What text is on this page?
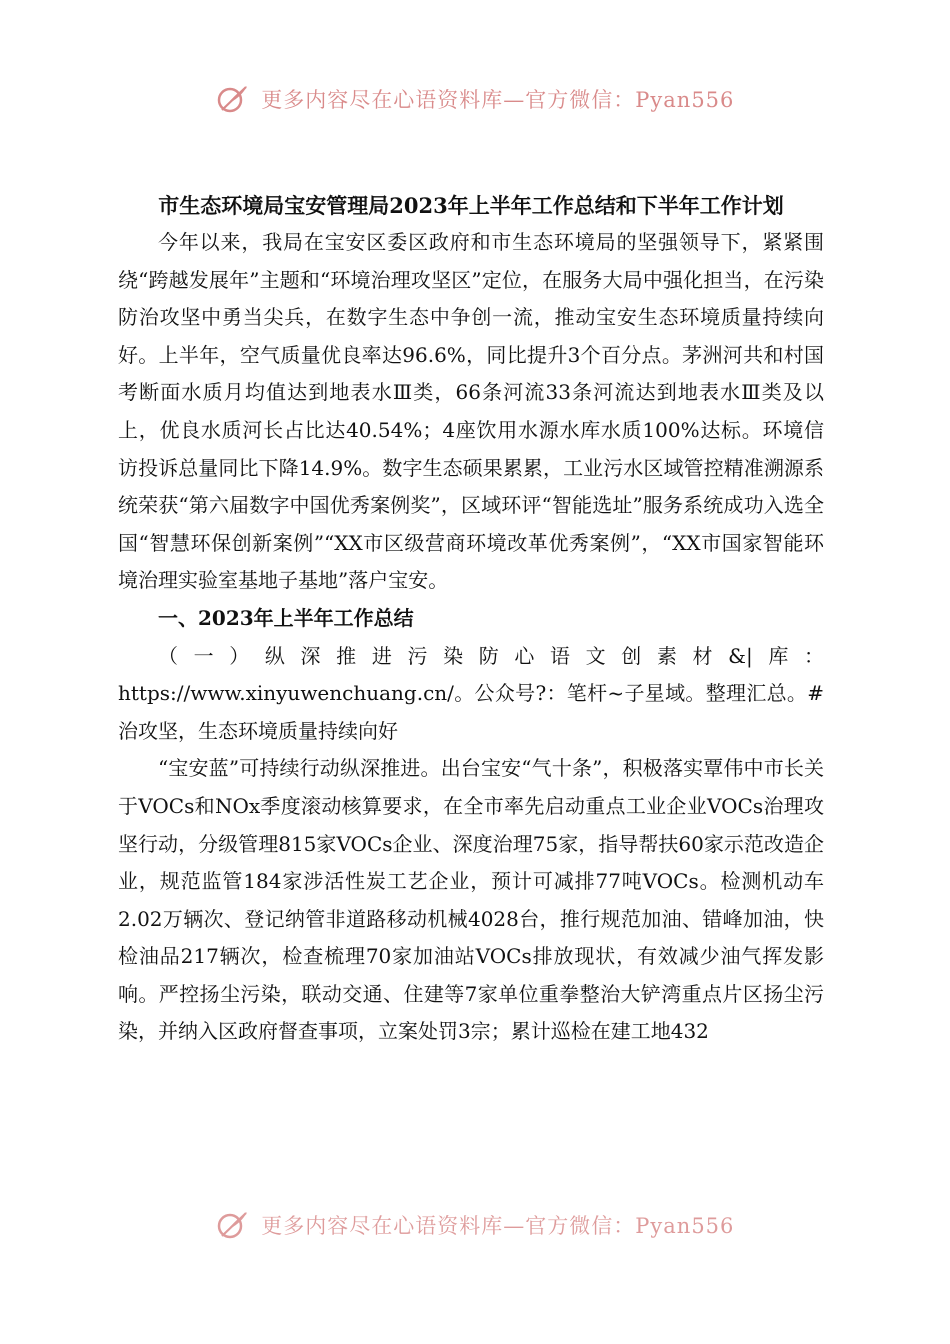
更多内容尽在心语资料库—官方微信：Pyan556
市生态环境局宝安管理局2023年上半年工作总结和下半年工作计划

今年以来，我局在宝安区委区政府和市生态环境局的坚强领导下，紧紧围绕“跨越发展年”主题和“环境治理攻坚区”定位，在服务大局中强化担当，在污染防治攻坚中勇当尖兵，在数字生态中争创一流，推动宝安生态环境质量持续向好。上半年，空气质量优良率达96.6%，同比提升3个百分点。茅洲河共和村国考断面水质月均值达到地表水Ⅲ类，66条河流33条河流达到地表水Ⅲ类及以上，优良水质河长占比达40.54%；4座饮用水源水库水质100%达标。环境信访投诉总量同比下降14.9%。数字生态硕果累累，工业污水区域管控精准溯源系统荣获“第六届数字中国优秀案例奖”，区域环评“智能选址”服务系统成功入选全国“智慧环保创新案例”“XX市区级营商环境改革优秀案例”，“XX市国家智能环境治理实验室基地子基地”落户宝安。

一、2023年上半年工作总结

（一）纵深推进污染防心语文创素材&|库：https://www.xinyuwenchuang.cn/。公众号?：笔杆~子星域。整理汇总。#治攻坚，生态环境质量持续向好

“宝安蓝”可持续行动纵深推进。出台宝安“气十条”，积极落实覃伟中市长关于VOCs和NOx季度滚动核算要求，在全市率先启动重点工业企业VOCs治理攻坚行动，分级管理815家VOCs企业、深度治理75家，指导帮扶60家示范改造企业，规范监管184家涉活性炭工艺企业，预计可减排77吨VOCs。检测机动车2.02万辆次、登记纳管非道路移动机械4028台，推行规范加油、错峰加油，快检油品217辆次，检查梳理70家加油站VOCs排放现状，有效减少油气挥发影响。严控扬尘污染，联动交通、住建等7家单位重拳整治大铲湾重点片区扬尘污染，并纳入区政府督查事项，立案处罚3宗；累计巡检在建工地432

更多内容尽在心语资料库—官方微信：Pyan556
